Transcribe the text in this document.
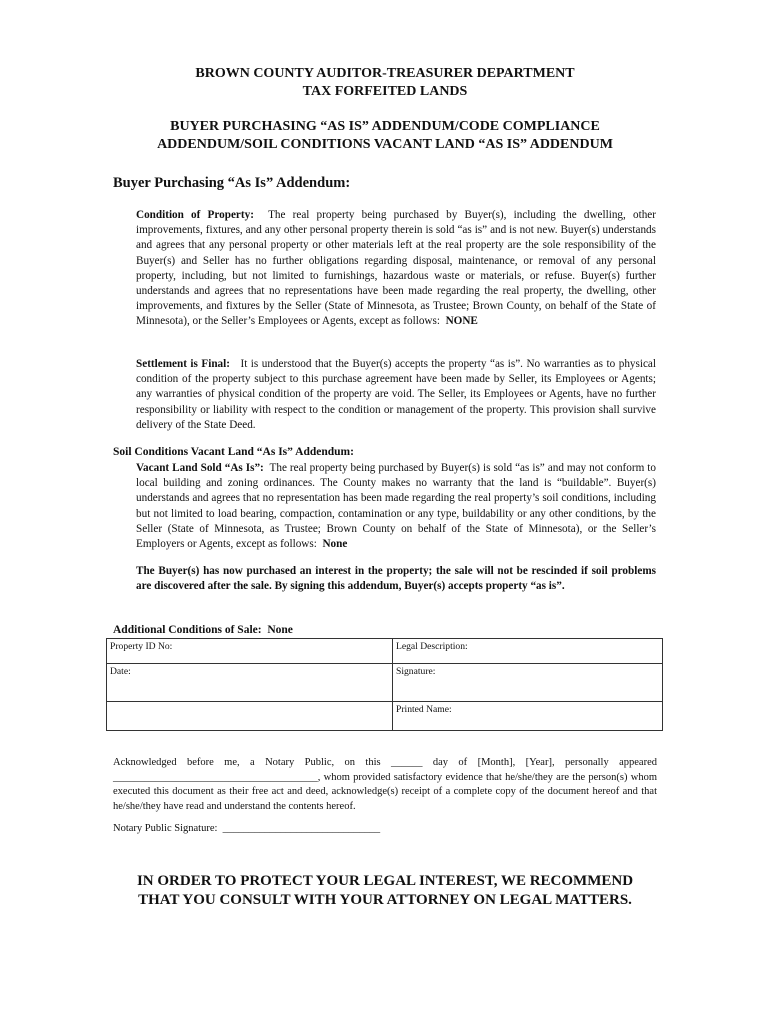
BROWN COUNTY AUDITOR-TREASURER DEPARTMENT
TAX FORFEITED LANDS
BUYER PURCHASING “AS IS” ADDENDUM/CODE COMPLIANCE
ADDENDUM/SOIL CONDITIONS VACANT LAND “AS IS” ADDENDUM
Buyer Purchasing “As Is” Addendum:
Condition of Property: The real property being purchased by Buyer(s), including the dwelling, other improvements, fixtures, and any other personal property therein is sold “as is” and is not new. Buyer(s) understands and agrees that any personal property or other materials left at the real property are the sole responsibility of the Buyer(s) and Seller has no further obligations regarding disposal, maintenance, or removal of any personal property, including, but not limited to furnishings, hazardous waste or materials, or refuse. Buyer(s) further understands and agrees that no representations have been made regarding the real property, the dwelling, other improvements, and fixtures by the Seller (State of Minnesota, as Trustee; Brown County, on behalf of the State of Minnesota), or the Seller’s Employees or Agents, except as follows: NONE
Settlement is Final: It is understood that the Buyer(s) accepts the property “as is”. No warranties as to physical condition of the property subject to this purchase agreement have been made by Seller, its Employees or Agents; any warranties of physical condition of the property are void. The Seller, its Employees or Agents, have no further responsibility or liability with respect to the condition or management of the property. This provision shall survive delivery of the State Deed.
Soil Conditions Vacant Land “As Is” Addendum:
Vacant Land Sold “As Is”: The real property being purchased by Buyer(s) is sold “as is” and may not conform to local building and zoning ordinances. The County makes no warranty that the land is “buildable”. Buyer(s) understands and agrees that no representation has been made regarding the real property’s soil conditions, including but not limited to load bearing, compaction, contamination or any type, buildability or any other conditions, by the Seller (State of Minnesota, as Trustee; Brown County on behalf of the State of Minnesota), or the Seller’s Employers or Agents, except as follows: None
The Buyer(s) has now purchased an interest in the property; the sale will not be rescinded if soil problems are discovered after the sale. By signing this addendum, Buyer(s) accepts property “as is”.
Additional Conditions of Sale: None
Property ID No:	Legal Description:
Date:	Signature:
	Printed Name:
Acknowledged before me, a Notary Public, on this ______ day of [Month], [Year], personally appeared _______________________________________, whom provided satisfactory evidence that he/she/they are the person(s) whom executed this document as their free act and deed, acknowledge(s) receipt of a complete copy of the document hereof and that he/she/they have read and understand the contents hereof.
Notary Public Signature: ______________________________
IN ORDER TO PROTECT YOUR LEGAL INTEREST, WE RECOMMEND
THAT YOU CONSULT WITH YOUR ATTORNEY ON LEGAL MATTERS.
